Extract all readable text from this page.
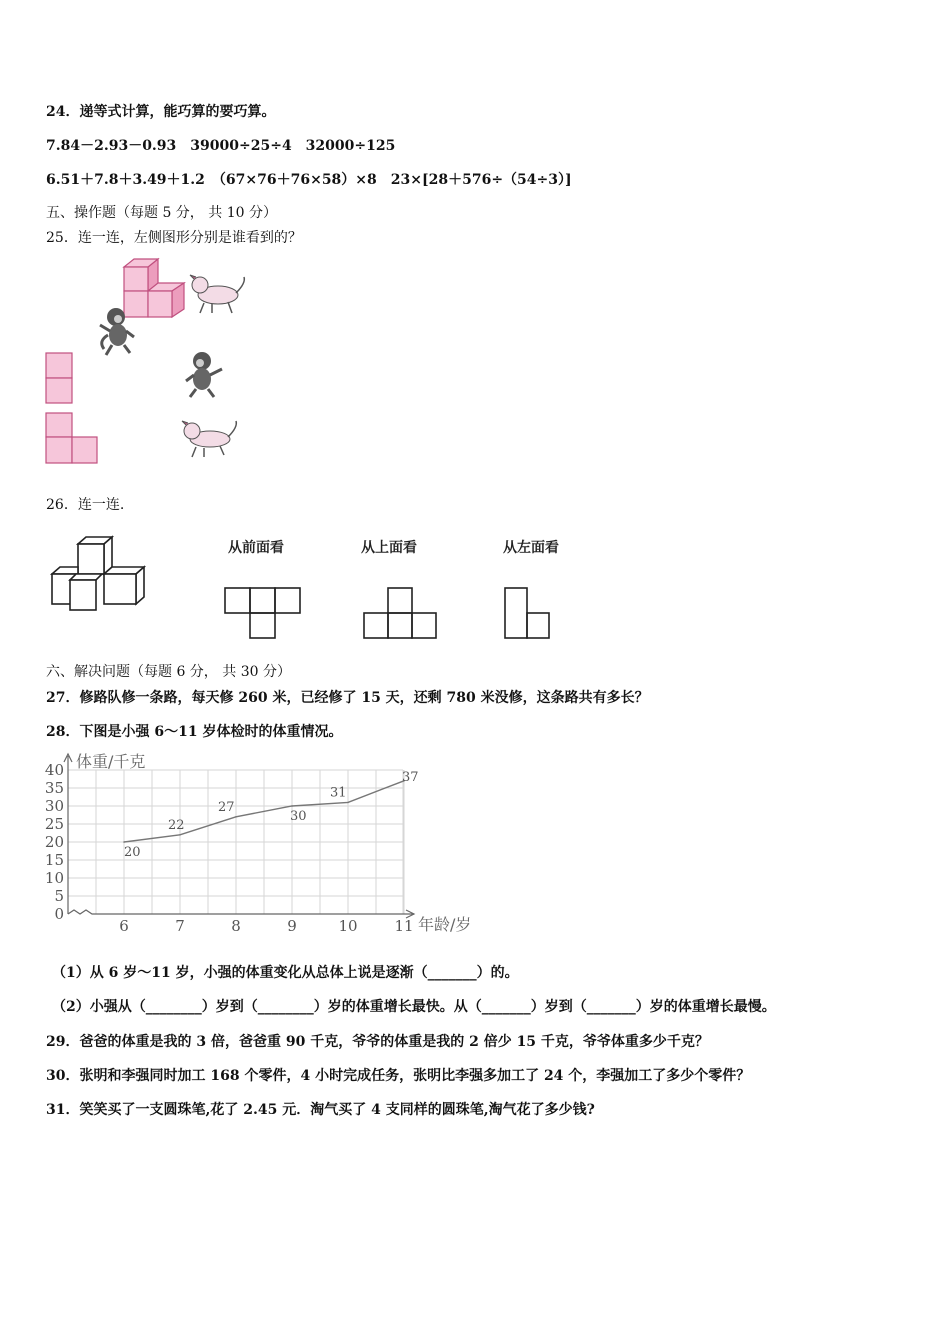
24．递等式计算，能巧算的要巧算。
7.84－2.93－0.93　39000÷25÷4　32000÷125
6.51＋7.8＋3.49＋1.2　（67×76＋76×58）×8　23×[28＋576÷（54÷3）]
五、操作题（每题 5 分， 共 10 分）
25．连一连，左侧图形分别是谁看到的？
26．连一连.
从前面看	从上面看	从左面看
六、解决问题（每题 6 分， 共 30 分）
27．修路队修一条路，每天修 260 米，已经修了 15 天，还剩 780 米没修，这条路共有多长？
28．下图是小强 6～11 岁体检时的体重情况。
体重/千克
年龄/岁
0
5
10
15
20
25
30
35
40
6	7	8	9	10 11
20
22
27
30
31
37
（1）从 6 岁～11 岁，小强的体重变化从总体上说是逐渐（_______）的。
（2）小强从（________）岁到（________）岁的体重增长最快。从（_______）岁到（_______）岁的体重增长最慢。
29．爸爸的体重是我的 3 倍，爸爸重 90 千克，爷爷的体重是我的 2 倍少 15 千克，爷爷体重多少千克？
30．张明和李强同时加工 168 个零件，4 小时完成任务，张明比李强多加工了 24 个，李强加工了多少个零件？
31．笑笑买了一支圆珠笔,花了 2.45 元．淘气买了 4 支同样的圆珠笔,淘气花了多少钱?
